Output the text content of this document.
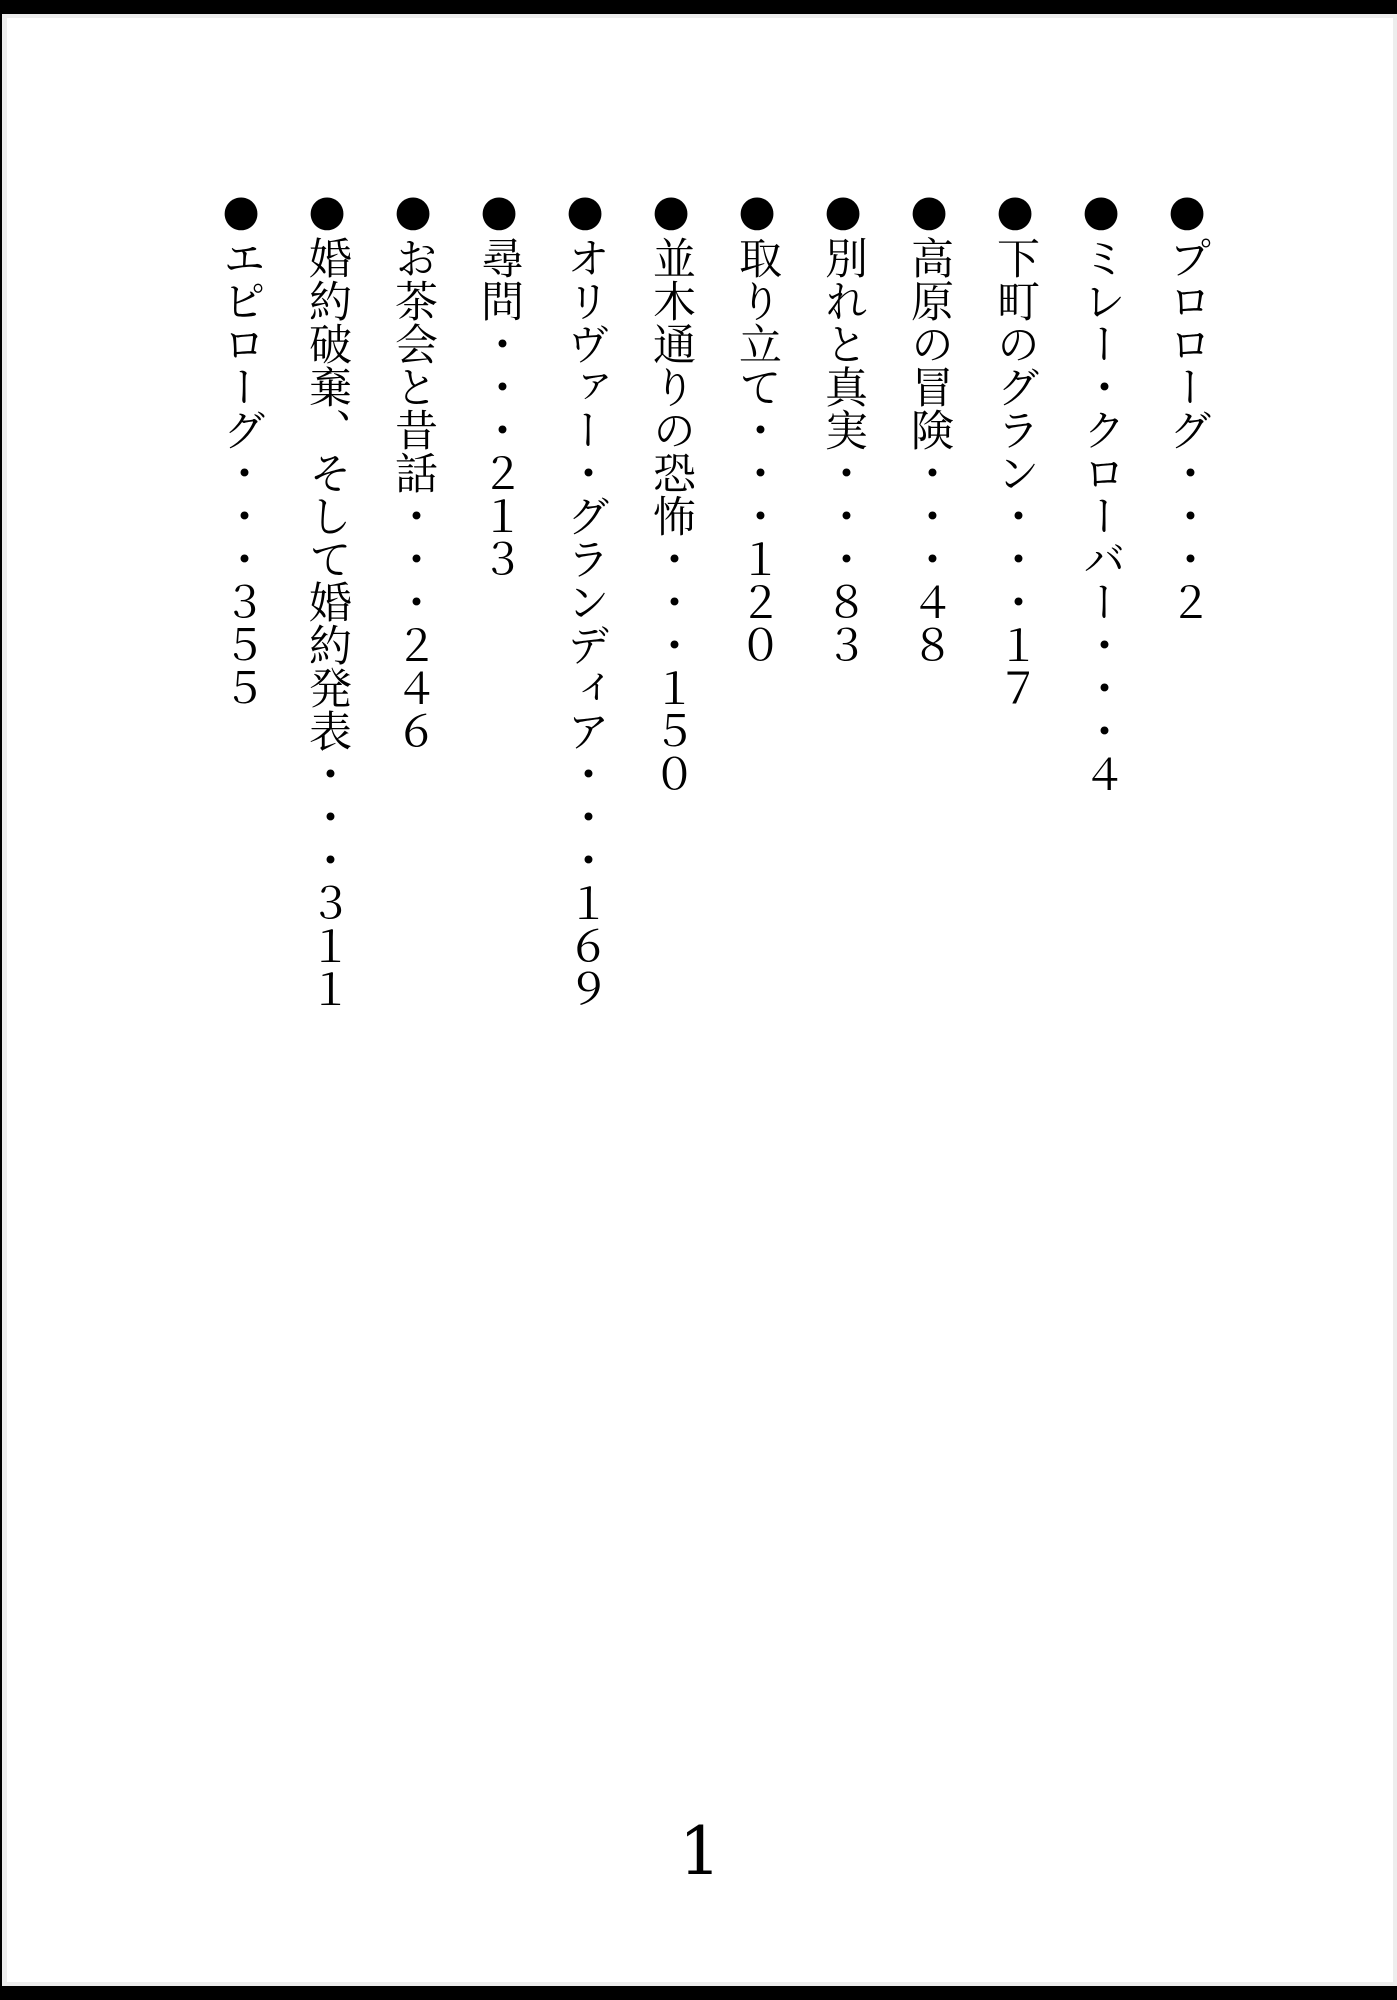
●プロローグ・・・２
●ミレー・クローバー・・・４
●下町のグラン・・・１７
●高原の冒険・・・４８
●別れと真実・・・８３
●取り立て・・・１２０
●並木通りの恐怖・・・１５０
●オリヴァー・グランディア・・・１６９
●尋問・・・２１３
●お茶会と昔話・・・２４６
●婚約破棄、そして婚約発表・・・３１１
●エピローグ・・・３５５
1
